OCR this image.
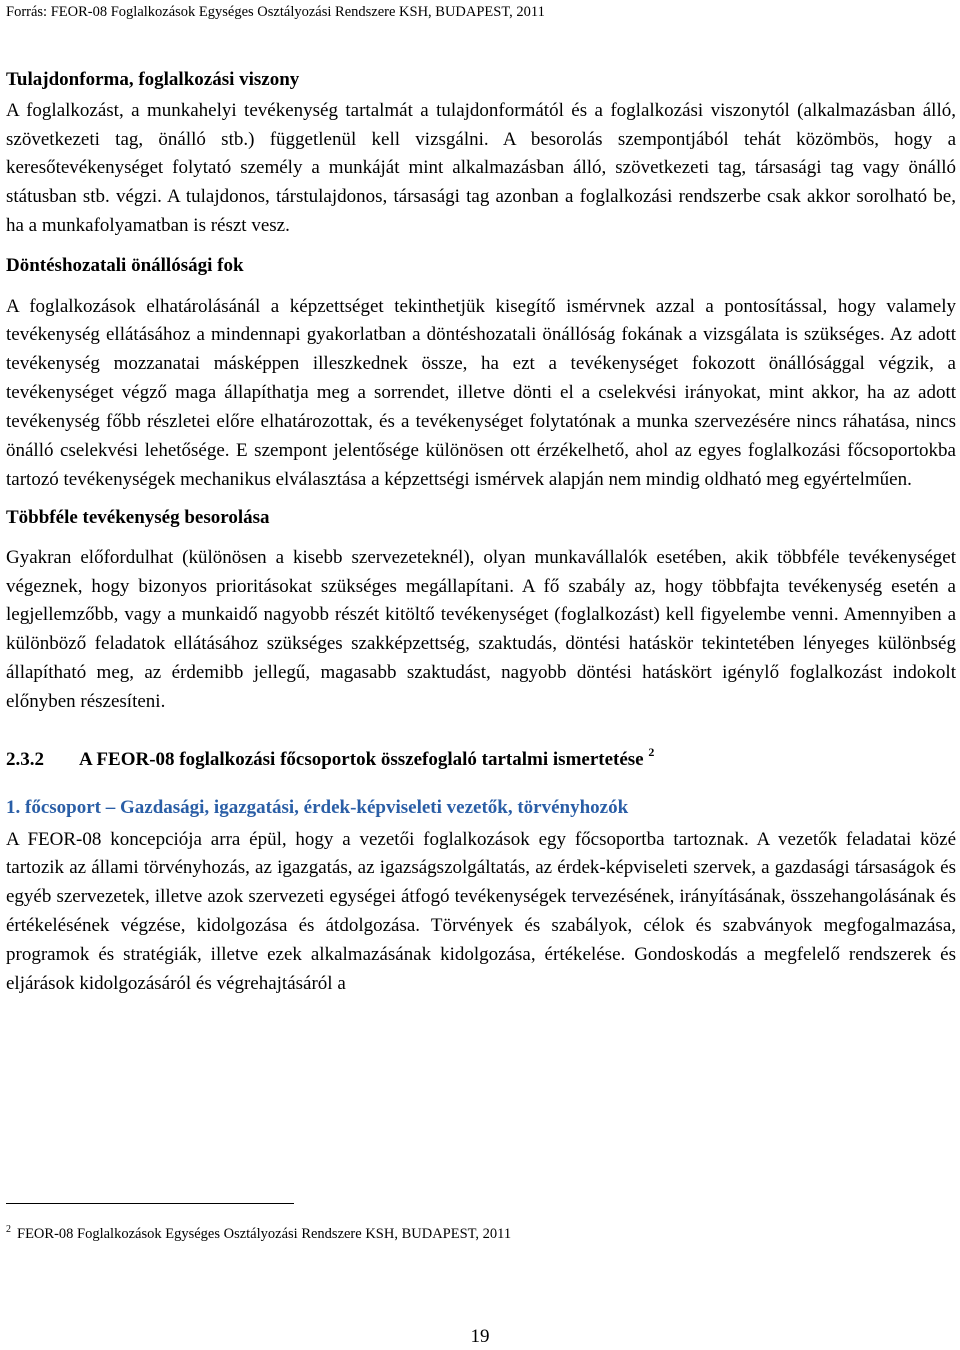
Forrás: FEOR-08 Foglalkozások Egységes Osztályozási Rendszere KSH, BUDAPEST, 2011
Tulajdonforma, foglalkozási viszony

A foglalkozást, a munkahelyi tevékenység tartalmát a tulajdonformától és a foglalkozási viszonytól (alkalmazásban álló, szövetkezeti tag, önálló stb.) függetlenül kell vizsgálni. A besorolás szempontjából tehát közömbös, hogy a keresőtevékenységet folytató személy a munkáját mint alkalmazásban álló, szövetkezeti tag, társasági tag vagy önálló státusban stb. végzi. A tulajdonos, társtulajdonos, társasági tag azonban a foglalkozási rendszerbe csak akkor sorolható be, ha a munkafolyamatban is részt vesz.

Döntéshozatali önállósági fok

A foglalkozások elhatárolásánál a képzettséget tekinthetjük kisegítő ismérvnek azzal a pontosítással, hogy valamely tevékenység ellátásához a mindennapi gyakorlatban a döntéshozatali önállóság fokának a vizsgálata is szükséges. Az adott tevékenység mozzanatai másképpen illeszkednek össze, ha ezt a tevékenységet fokozott önállósággal végzik, a tevékenységet végző maga állapíthatja meg a sorrendet, illetve dönti el a cselekvési irányokat, mint akkor, ha az adott tevékenység főbb részletei előre elhatározottak, és a tevékenységet folytatónak a munka szervezésére nincs ráhatása, nincs önálló cselekvési lehetősége. E szempont jelentősége különösen ott érzékelhető, ahol az egyes foglalkozási főcsoportokba tartozó tevékenységek mechanikus elválasztása a képzettségi ismérvek alapján nem mindig oldható meg egyértelműen.

Többféle tevékenység besorolása

Gyakran előfordulhat (különösen a kisebb szervezeteknél), olyan munkavállalók esetében, akik többféle tevékenységet végeznek, hogy bizonyos prioritásokat szükséges megállapítani. A fő szabály az, hogy többfajta tevékenység esetén a legjellemzőbb, vagy a munkaidő nagyobb részét kitöltő tevékenységet (foglalkozást) kell figyelembe venni. Amennyiben a különböző feladatok ellátásához szükséges szakképzettség, szaktudás, döntési hatáskör tekintetében lényeges különbség állapítható meg, az érdemibb jellegű, magasabb szaktudást, nagyobb döntési hatáskört igénylő foglalkozást indokolt előnyben részesíteni.

2.3.2 A FEOR-08 foglalkozási főcsoportok összefoglaló tartalmi ismertetése $^2$
1. főcsoport – Gazdasági, igazgatási, érdek-képviseleti vezetők, törvényhozók

A FEOR-08 koncepciója arra épül, hogy a vezetői foglalkozások egy főcsoportba tartoznak. A vezetők feladatai közé tartozik az állami törvényhozás, az igazgatás, az igazságszolgáltatás, az érdek-képviseleti szervek, a gazdasági társaságok és egyéb szervezetek, illetve azok szervezeti egységei átfogó tevékenységek tervezésének, irányításának, összehangolásának és értékelésének végzése, kidolgozása és átdolgozása. Törvények és szabályok, célok és szabványok megfogalmazása, programok és stratégiák, illetve ezek alkalmazásának kidolgozása, értékelése. Gondoskodás a megfelelő rendszerek és eljárások kidolgozásáról és végrehajtásáról a

$^2$ FEOR-08 Foglalkozások Egységes Osztályozási Rendszere KSH, BUDAPEST, 2011
19
